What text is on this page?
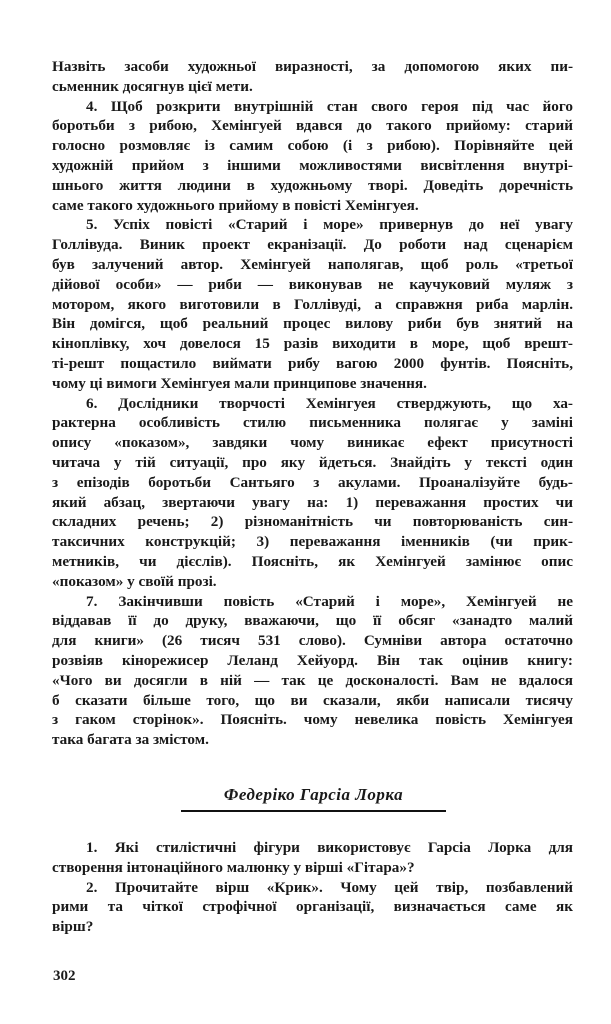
Назвіть засоби художньої виразності, за допомогою яких пи-
сьменник досягнув цієї мети.
4. Щоб розкрити внутрішній стан свого героя під час його
боротьби з рибою, Хемінгуей вдався до такого прийому: старий
голосно розмовляє із самим собою (і з рибою). Порівняйте цей
художній прийом з іншими можливостями висвітлення внутрі-
шнього життя людини в художньому творі. Доведіть доречність
саме такого художнього прийому в повісті Хемінгуея.
5. Успіх повісті «Старий і море» привернув до неї увагу
Голлівуда. Виник проект екранізації. До роботи над сценарієм
був залучений автор. Хемінгуей наполягав, щоб роль «третьої
дійової особи» — риби — виконував не каучуковий муляж з
мотором, якого виготовили в Голлівуді, а справжня риба марлін.
Він домігся, щоб реальний процес вилову риби був знятий на
кіноплівку, хоч довелося 15 разів виходити в море, щоб врешт-
ті-решт пощастило виймати рибу вагою 2000 фунтів. Поясніть,
чому ці вимоги Хемінгуея мали принципове значення.
6. Дослідники творчості Хемінгуея стверджують, що ха-
рактерна особливість стилю письменника полягає у заміні
опису «показом», завдяки чому виникає ефект присутності
читача у тій ситуації, про яку йдеться. Знайдіть у тексті один
з епізодів боротьби Сантьяго з акулами. Проаналізуйте будь-
який абзац, звертаючи увагу на: 1) переважання простих чи
складних речень; 2) різноманітність чи повторюваність син-
таксичних конструкцій; 3) переважання іменників (чи прик-
метників, чи дієслів). Поясніть, як Хемінгуей замінює опис
«показом» у своїй прозі.
7. Закінчивши повість «Старий і море», Хемінгуей не
віддавав її до друку, вважаючи, що її обсяг «занадто малий
для книги» (26 тисяч 531 слово). Сумніви автора остаточно
розвіяв кінорежисер Леланд Хейуорд. Він так оцінив книгу:
«Чого ви досягли в ній — так це досконалості. Вам не вдалося
б сказати більше того, що ви сказали, якби написали тисячу
з гаком сторінок». Поясніть. чому невелика повість Хемінгуея
така багата за змістом.
Федеріко Гарсіа Лорка
1. Які стилістичні фігури використовує Гарсіа Лорка для
створення інтонаційного малюнку у вірші «Гітара»?
2. Прочитайте вірш «Крик». Чому цей твір, позбавлений
рими та чіткої строфічної організації, визначається саме як
вірш?
302
